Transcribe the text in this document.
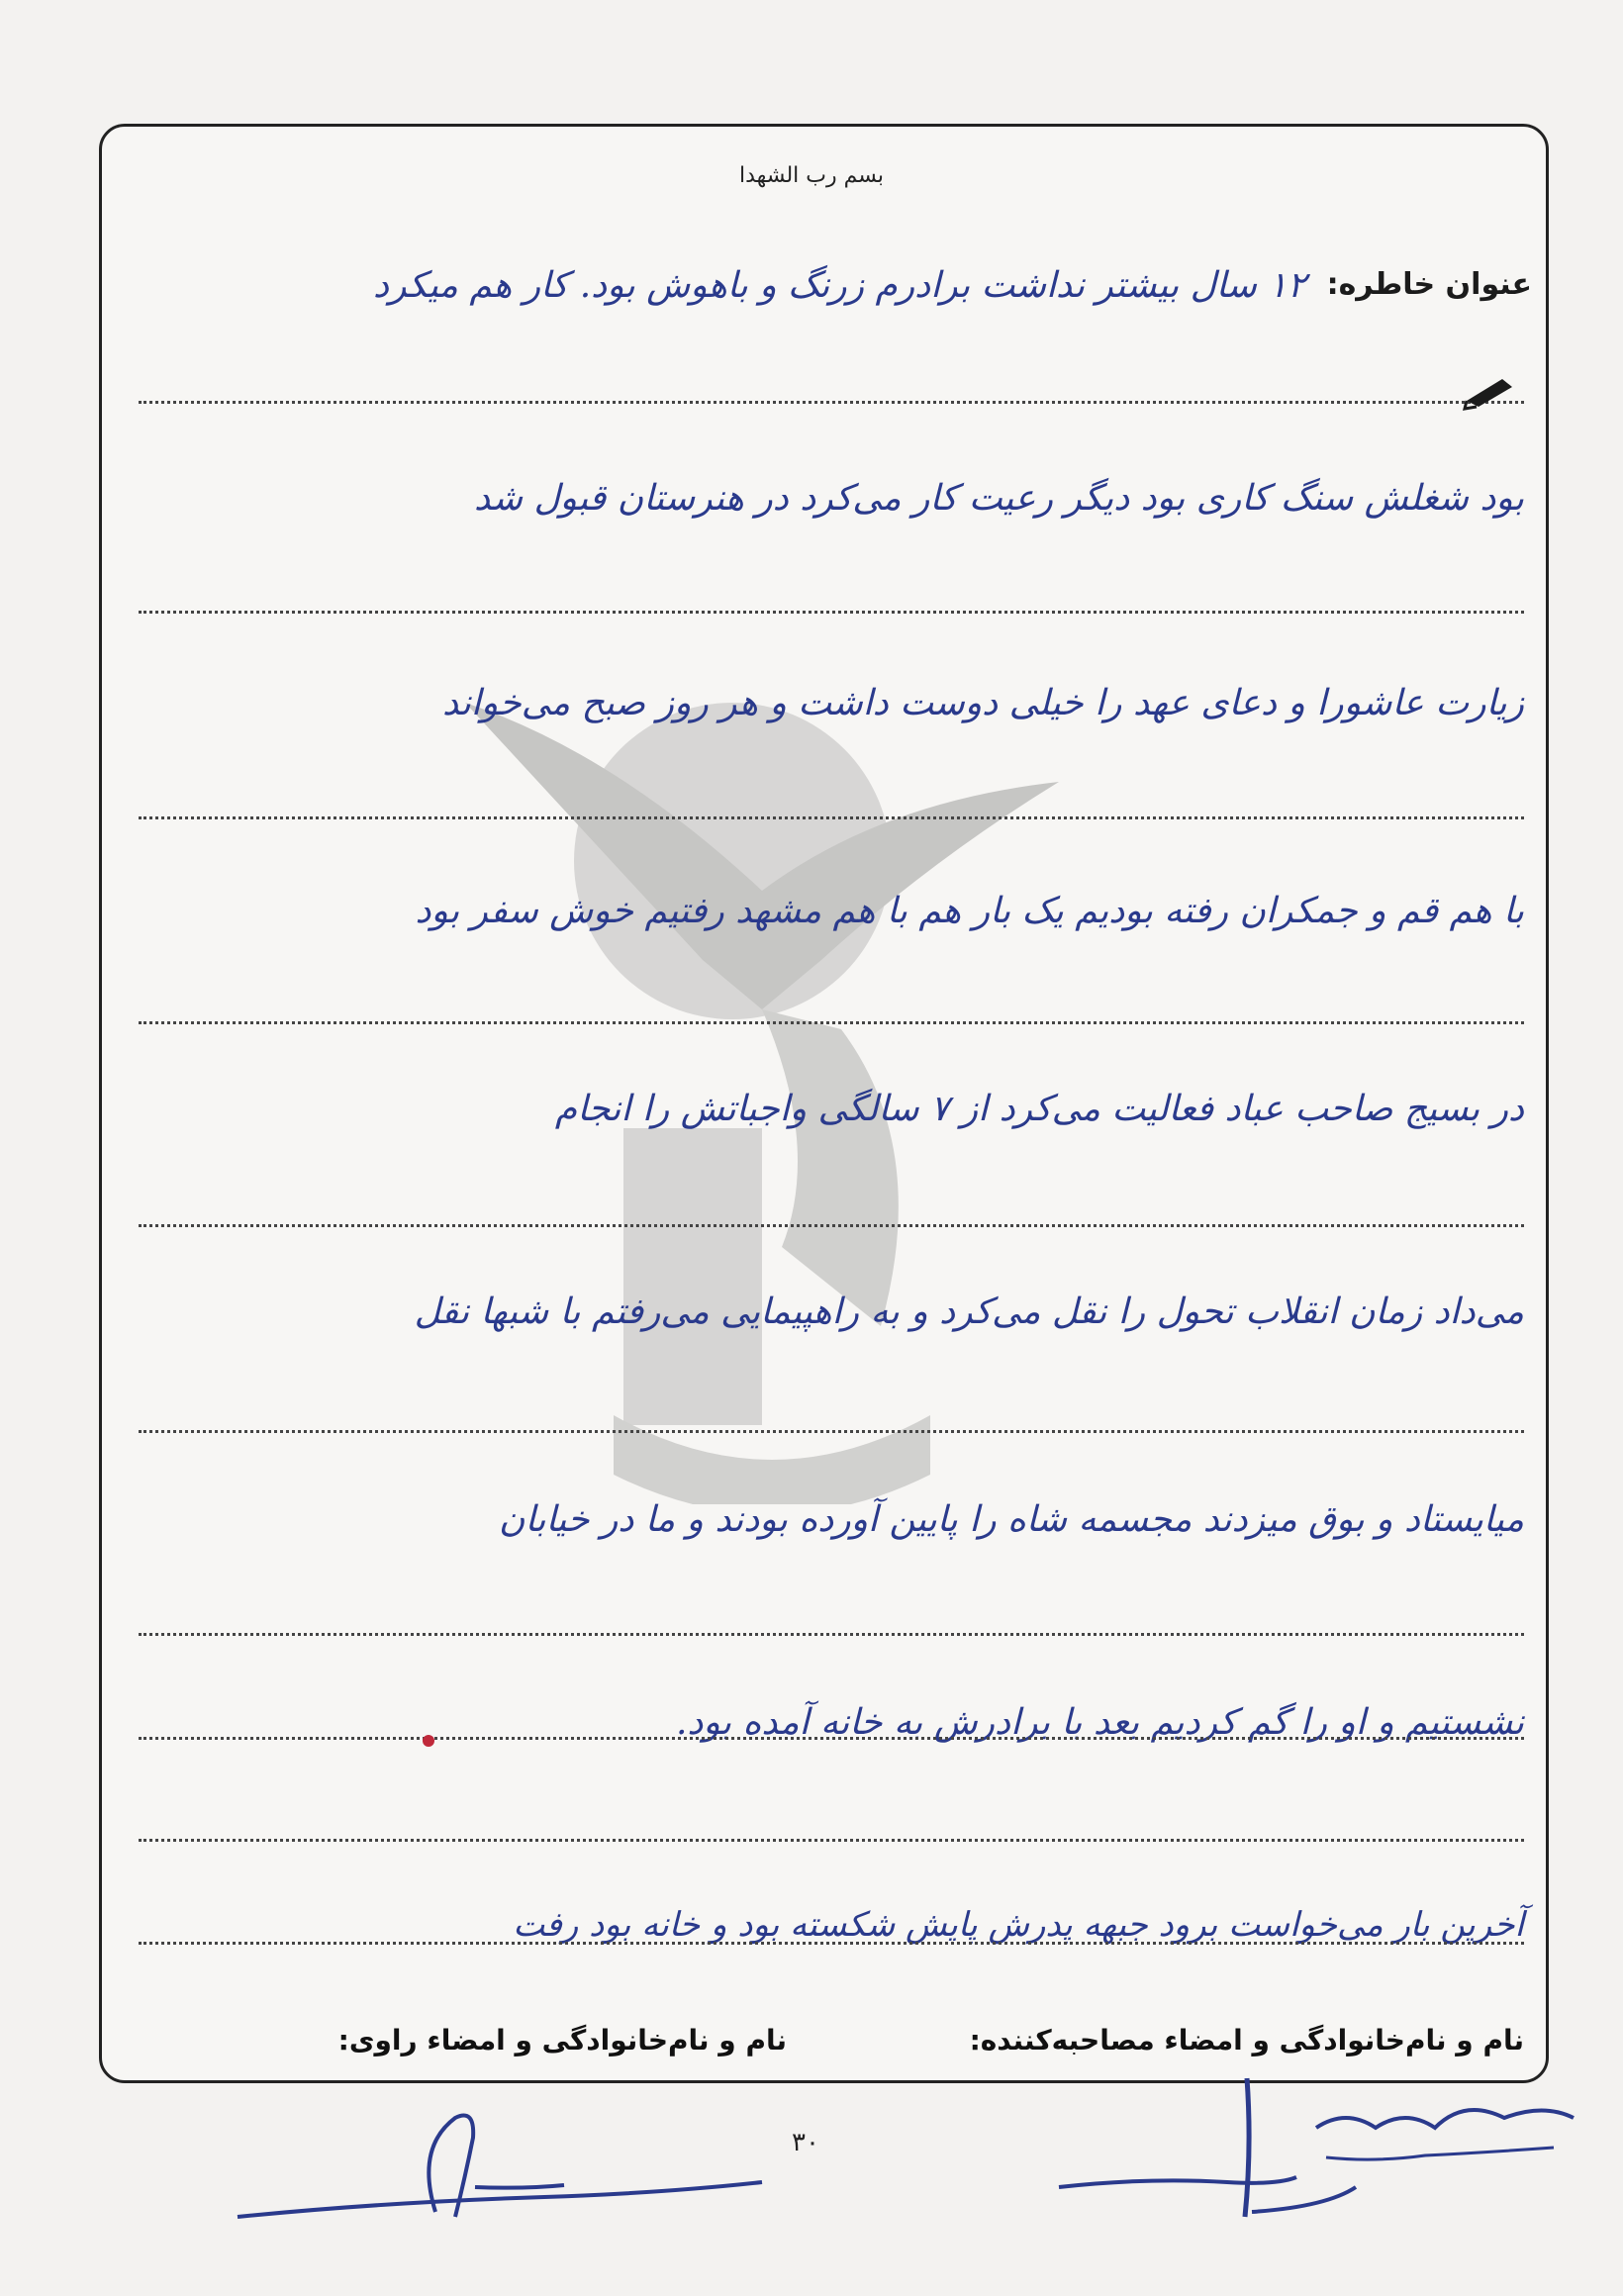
بسم رب الشهدا
عنوان خاطره:
۱۲ سال بیشتر نداشت برادرم زرنگ و باهوش بود. کار هم میکرد
بود شغلش سنگ کاری بود دیگر رعیت کار می‌کرد در هنرستان قبول شد
زیارت عاشورا و دعای عهد را خیلی دوست داشت و هر روز صبح می‌خواند
با هم قم و جمکران رفته بودیم یک بار هم با هم مشهد رفتیم خوش سفر بود
در بسیج صاحب عباد فعالیت می‌کرد از ۷ سالگی واجباتش را انجام
می‌داد زمان انقلاب تحول را نقل می‌کرد و به راهپیمایی می‌رفتم با شبها نقل
میایستاد و بوق میزدند مجسمه شاه را پایین آورده بودند و ما در خیابان
نشستیم و او را گم کردیم بعد با برادرش به خانه آمده بود.
آخرین بار می‌خواست برود جبهه پدرش پایش شکسته بود و خانه بود رفت
نام و نام‌خانوادگی و امضاء مصاحبه‌کننده:
نام و نام‌خانوادگی و امضاء راوی:
۳۰
